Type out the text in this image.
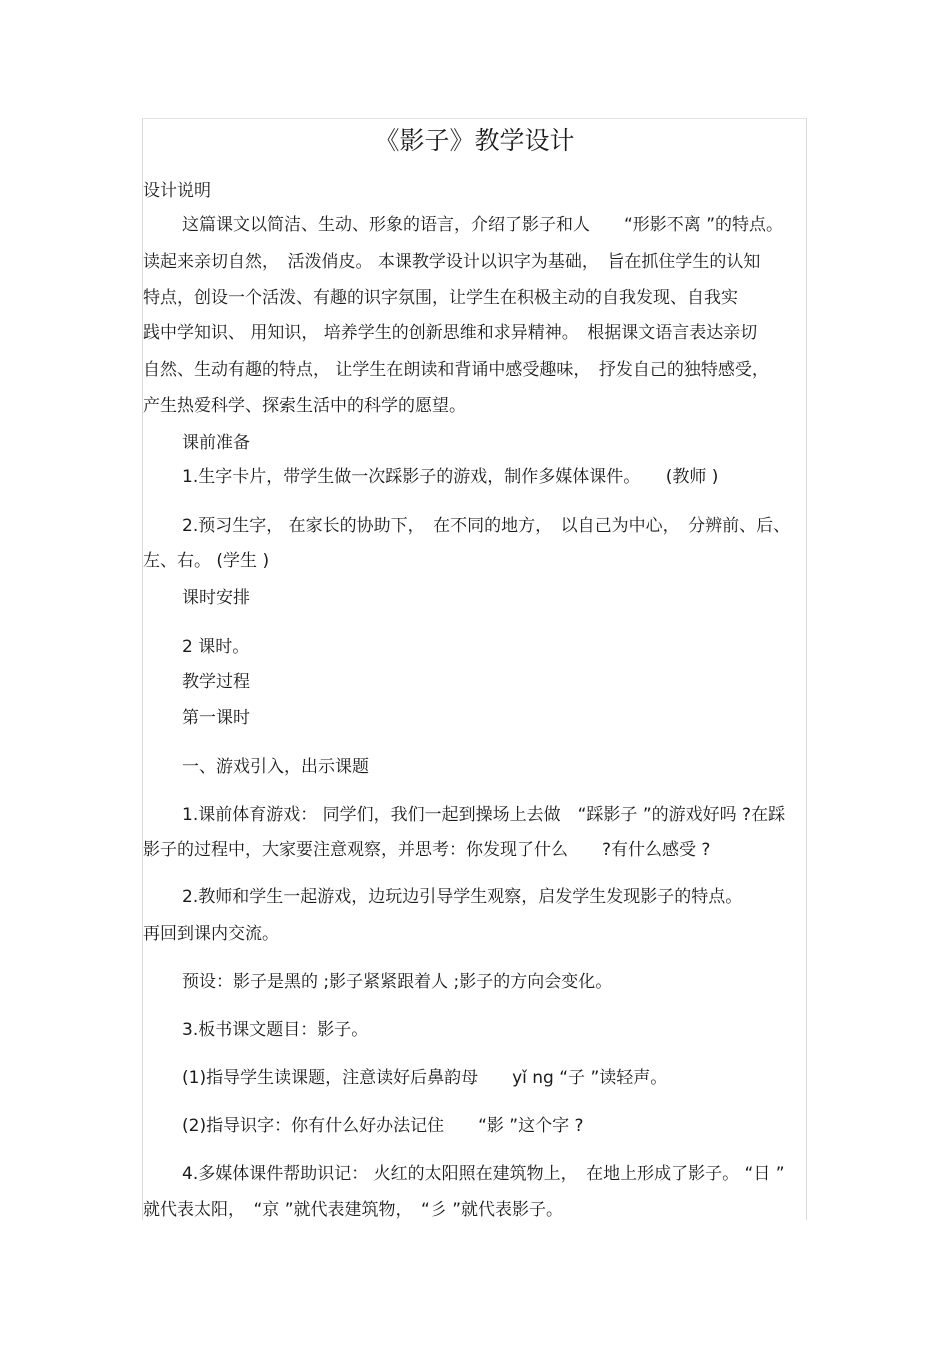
《影子》教学设计
设计说明
这篇课文以简洁、生动、形象的语言，介绍了影子和人　　“形影不离 ”的特点。
读起来亲切自然，　活泼俏皮。 本课教学设计以识字为基础，　旨在抓住学生的认知
特点，创设一个活泼、有趣的识字氛围，让学生在积极主动的自我发现、自我实
践中学知识、 用知识， 培养学生的创新思维和求异精神。　根据课文语言表达亲切
自然、生动有趣的特点， 让学生在朗读和背诵中感受趣味，　抒发自己的独特感受，
产生热爱科学、探索生活中的科学的愿望。
课前准备
1.生字卡片，带学生做一次踩影子的游戏，制作多媒体课件。　　(教师 )
2.预习生字， 在家长的协助下，　在不同的地方，　以自己为中心，　分辨前、后、
左、右。 (学生 )
课时安排
2 课时。
教学过程
第一课时
一、游戏引入，出示课题
1.课前体育游戏： 同学们，我们一起到操场上去做　“踩影子 ”的游戏好吗 ?在踩
影子的过程中，大家要注意观察，并思考：你发现了什么　　?有什么感受 ?
2.教师和学生一起游戏，边玩边引导学生观察，启发学生发现影子的特点。
再回到课内交流。
预设：影子是黑的 ;影子紧紧跟着人 ;影子的方向会变化。
3.板书课文题目：影子。
(1)指导学生读课题，注意读好后鼻韵母　　yǐ ng “子 ”读轻声。
(2)指导识字：你有什么好办法记住　　“影 ”这个字 ?
4.多媒体课件帮助识记： 火红的太阳照在建筑物上，　在地上形成了影子。 “日 ”
就代表太阳，　“京 ”就代表建筑物，　“彡 ”就代表影子。
